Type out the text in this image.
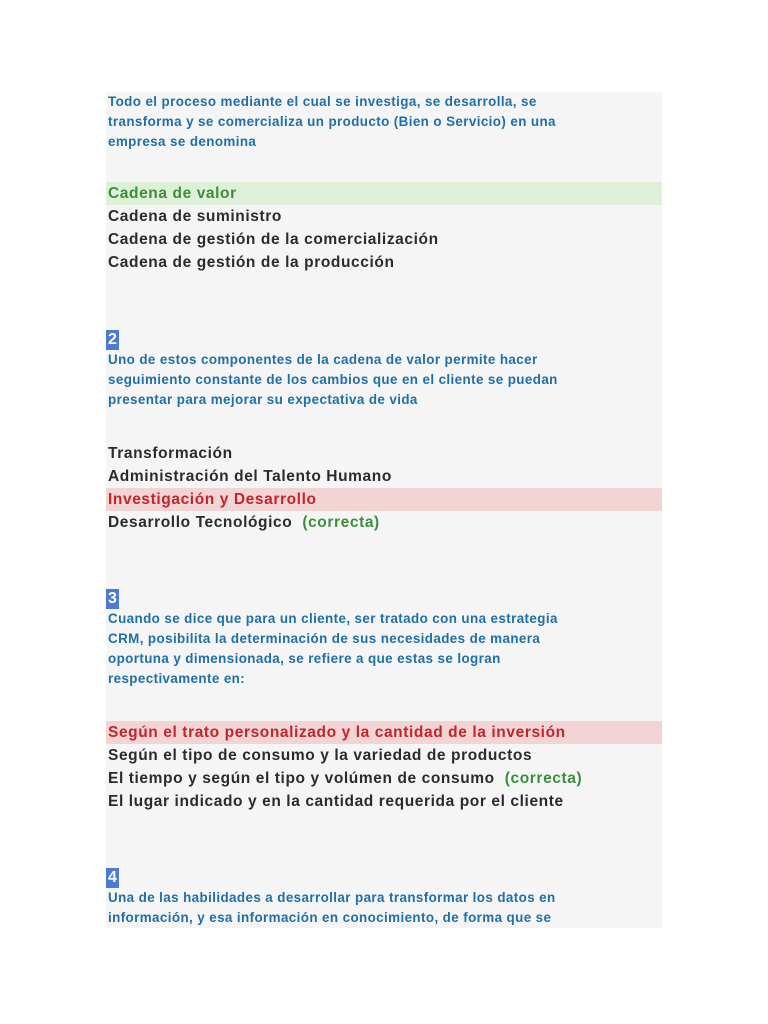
Todo el proceso mediante el cual se investiga, se desarrolla, se

transforma y se comercializa un producto (Bien o Servicio) en una

empresa se denomina

Cadena de valor
Cadena de suministro
Cadena de gestión de la comercialización
Cadena de gestión de la producción
2

Uno de estos componentes de la cadena de valor permite hacer

seguimiento constante de los cambios que en el cliente se puedan

presentar para mejorar su expectativa de vida

Transformación
Administración del Talento Humano
Investigación y Desarrollo
Desarrollo Tecnológico (correcta)
3

Cuando se dice que para un cliente, ser tratado con una estrategia

CRM, posibilita la determinación de sus necesidades de manera

oportuna y dimensionada, se refiere a que estas se logran

respectivamente en:

Según el trato personalizado y la cantidad de la inversión
Según el tipo de consumo y la variedad de productos
El tiempo y según el tipo y volúmen de consumo (correcta)
El lugar indicado y en la cantidad requerida por el cliente
4

Una de las habilidades a desarrollar para transformar los datos en

información, y esa información en conocimiento, de forma que se
